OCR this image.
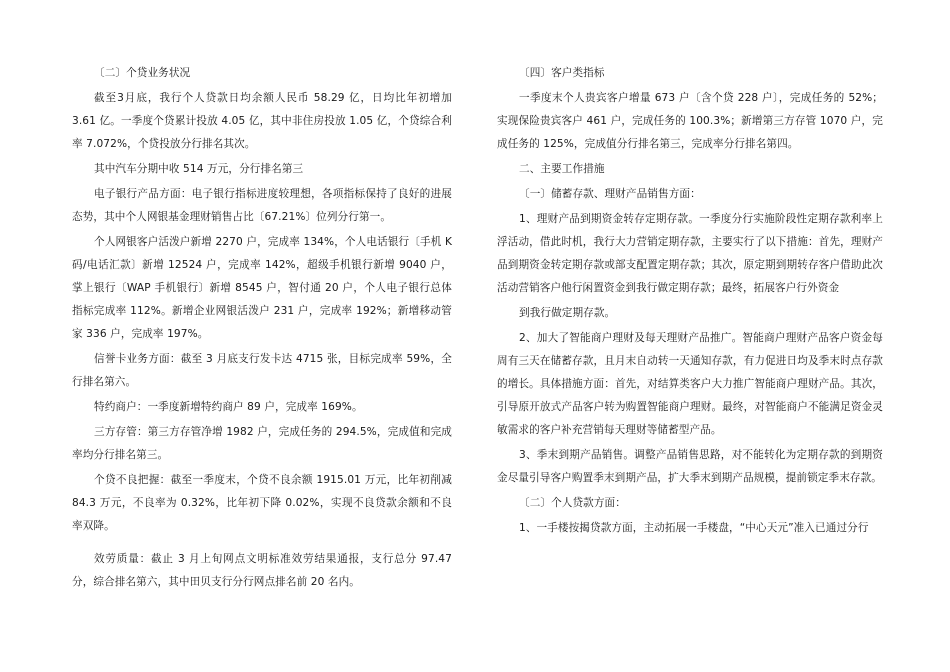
〔二〕个贷业务状况

截至3月底，我行个人贷款日均余额人民币 58.29 亿，日均比年初增加 3.61 亿。一季度个贷累计投放 4.05 亿，其中非住房投放 1.05 亿，个贷综合利率 7.072%，个贷投放分行排名其次。

其中汽车分期中收 514 万元，分行排名第三

电子银行产品方面：电子银行指标进度较理想，各项指标保持了良好的进展态势，其中个人网银基金理财销售占比〔67.21%〕位列分行第一。

个人网银客户活泼户新增 2270 户，完成率 134%，个人电话银行〔手机 K 码/电话汇款〕新增 12524 户，完成率 142%，超级手机银行新增 9040 户，掌上银行〔WAP 手机银行〕新增 8545 户，智付通 20 户，个人电子银行总体指标完成率 112%。新增企业网银活泼户 231 户，完成率 192%；新增移动管家 336 户，完成率 197%。

信誉卡业务方面：截至 3 月底支行发卡达 4715 张，目标完成率 59%，全行排名第六。

特约商户：一季度新增特约商户 89 户，完成率 169%。

三方存管：第三方存管净增 1982 户，完成任务的 294.5%，完成值和完成率均分行排名第三。

个贷不良把握：截至一季度末，个贷不良余额 1915.01 万元，比年初削减 84.3 万元，不良率为 0.32%，比年初下降 0.02%，实现不良贷款余额和不良率双降。

效劳质量：截止 3 月上旬网点文明标准效劳结果通报，支行总分 97.47 分，综合排名第六，其中田贝支行分行网点排名前 20 名内。

〔四〕客户类指标

一季度末个人贵宾客户增量 673 户〔含个贷 228 户〕，完成任务的 52%；实现保险贵宾客户 461 户，完成任务的 100.3%；新增第三方存管 1070 户，完成任务的 125%，完成值分行排名第三，完成率分行排名第四。

二、主要工作措施

〔一〕储蓄存款、理财产品销售方面：

1、理财产品到期资金转存定期存款。一季度分行实施阶段性定期存款利率上浮活动，借此时机，我行大力营销定期存款，主要实行了以下措施：首先，理财产品到期资金转定期存款或部支配置定期存款；其次，原定期到期转存客户借助此次活动营销客户他行闲置资金到我行做定期存款；最终，拓展客户行外资金

到我行做定期存款。

2、加大了智能商户理财及每天理财产品推广。智能商户理财产品客户资金每周有三天在储蓄存款，且月末自动转一天通知存款，有力促进日均及季末时点存款的增长。具体措施方面：首先，对结算类客户大力推广智能商户理财产品。其次，引导原开放式产品客户转为购置智能商户理财。最终，对智能商户不能满足资金灵敏需求的客户补充营销每天理财等储蓄型产品。

3、季末到期产品销售。调整产品销售思路，对不能转化为定期存款的到期资金尽量引导客户购置季末到期产品，扩大季末到期产品规模，提前锁定季末存款。

〔二〕个人贷款方面：

1、一手楼按揭贷款方面，主动拓展一手楼盘，“中心天元”准入已通过分行
